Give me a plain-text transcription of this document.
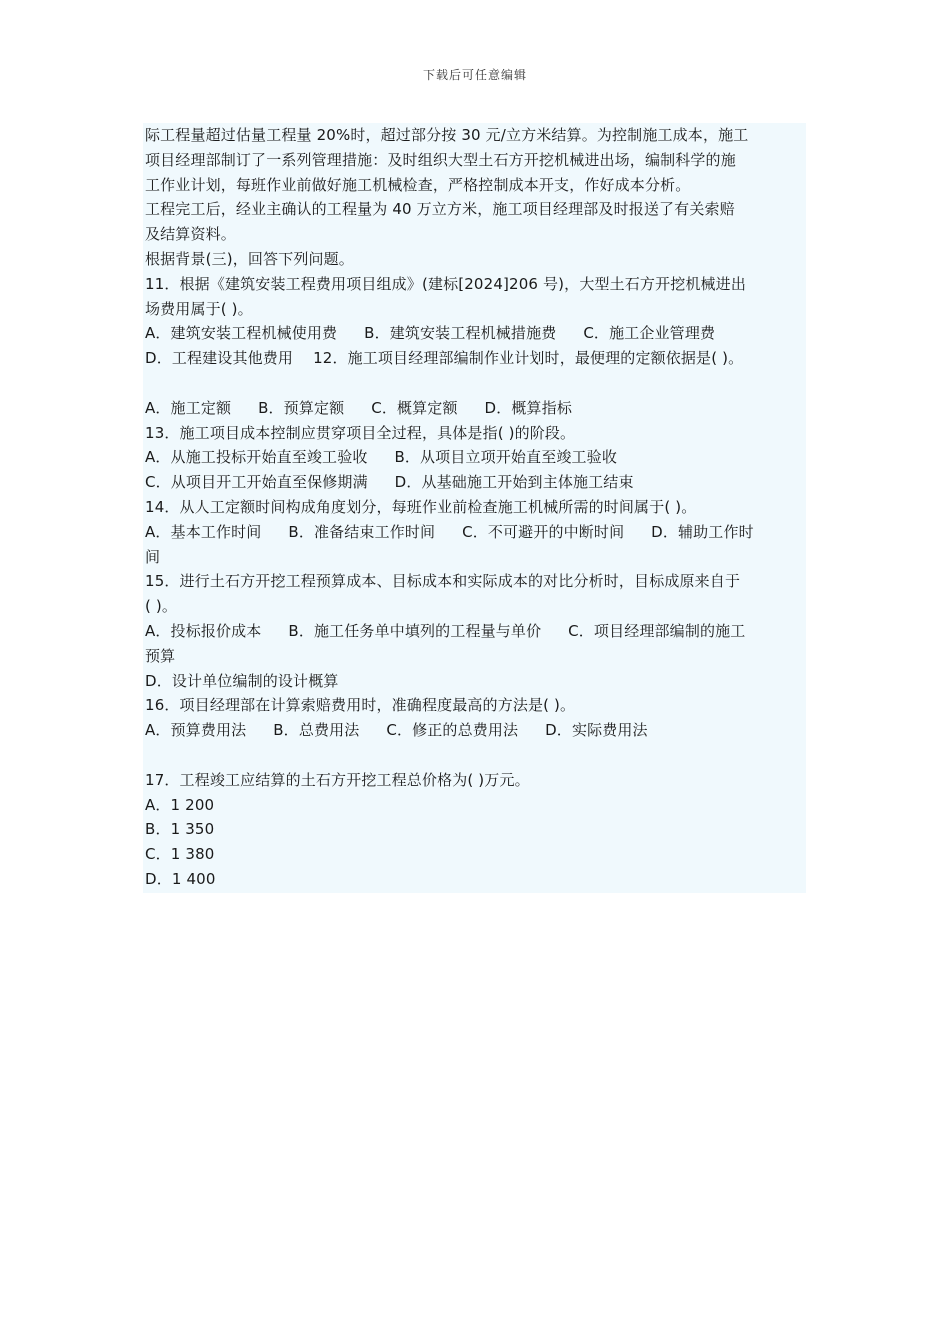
下载后可任意编辑
际工程量超过估量工程量 20%时，超过部分按 30 元/立方米结算。为控制施工成本，施工
项目经理部制订了一系列管理措施：及时组织大型土石方开挖机械进出场，编制科学的施
工作业计划，每班作业前做好施工机械检查，严格控制成本开支，作好成本分析。
工程完工后，经业主确认的工程量为 40 万立方米，施工项目经理部及时报送了有关索赔
及结算资料。
根据背景(三)，回答下列问题。
11．根据《建筑安装工程费用项目组成》(建标[2024]206 号)，大型土石方开挖机械进出
场费用属于( )。
A．建筑安装工程机械使用费 B．建筑安装工程机械措施费 C．施工企业管理费
D．工程建设其他费用 12．施工项目经理部编制作业计划时，最便理的定额依据是( )。
A．施工定额 B．预算定额 C．概算定额 D．概算指标
13．施工项目成本控制应贯穿项目全过程，具体是指( )的阶段。
A．从施工投标开始直至竣工验收 B．从项目立项开始直至竣工验收
C．从项目开工开始直至保修期满 D．从基础施工开始到主体施工结束
14．从人工定额时间构成角度划分，每班作业前检查施工机械所需的时间属于( )。
A．基本工作时间 B．准备结束工作时间 C．不可避开的中断时间 D．辅助工作时
间
15．进行土石方开挖工程预算成本、目标成本和实际成本的对比分析时，目标成原来自于
( )。
A．投标报价成本 B．施工任务单中填列的工程量与单价 C．项目经理部编制的施工
预算
D．设计单位编制的设计概算
16．项目经理部在计算索赔费用时，准确程度最高的方法是( )。
A．预算费用法 B．总费用法 C．修正的总费用法 D．实际费用法
17．工程竣工应结算的土石方开挖工程总价格为( )万元。
A．1 200
B．1 350
C．1 380
D．1 400
